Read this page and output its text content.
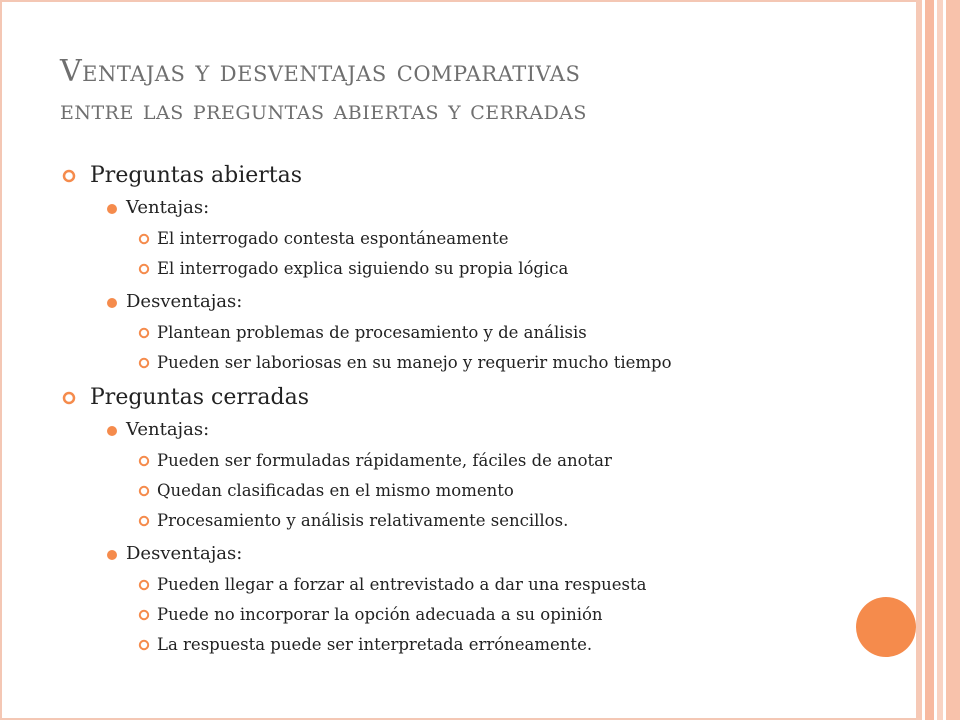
Ventajas y desventajas comparativas
entre las preguntas abiertas y cerradas
Preguntas abiertas
Ventajas:
El interrogado contesta espontáneamente
El interrogado explica siguiendo su propia lógica
Desventajas:
Plantean problemas de procesamiento y de análisis
Pueden ser laboriosas en su manejo y requerir mucho tiempo
Preguntas cerradas
Ventajas:
Pueden ser formuladas rápidamente, fáciles de anotar
Quedan clasificadas en el mismo momento
Procesamiento y análisis relativamente sencillos.
Desventajas:
Pueden llegar a forzar al entrevistado a dar una respuesta
Puede no incorporar la opción adecuada a su opinión
La respuesta puede ser interpretada erróneamente.
